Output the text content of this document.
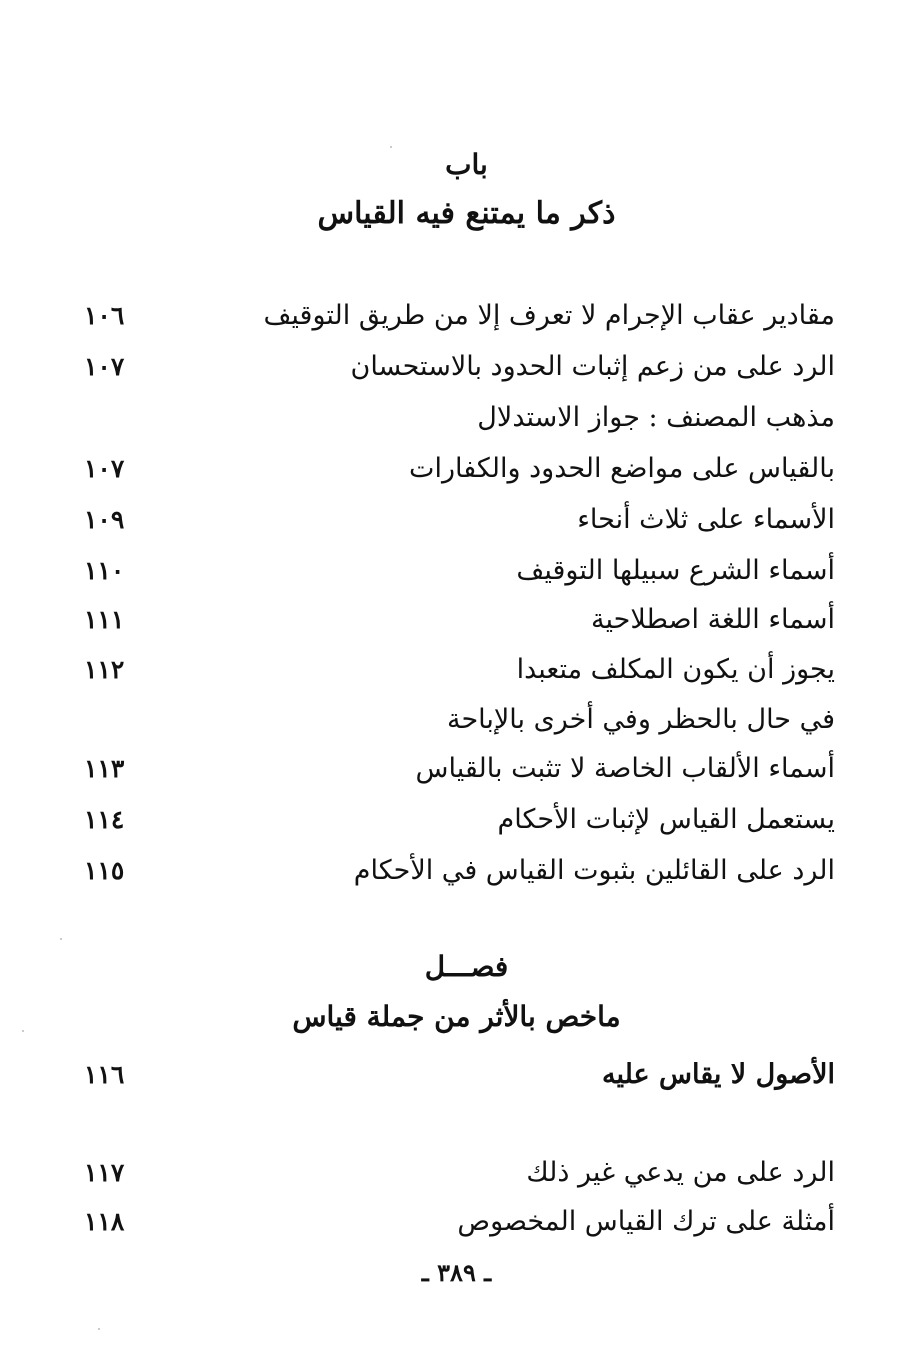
باب
ذكر ما يمتنع فيه القياس
مقادير عقاب الإجرام لا تعرف إلا من طريق التوقيف
١٠٦
الرد على من زعم إثبات الحدود بالاستحسان
١٠٧
مذهب المصنف : جواز الاستدلال
بالقياس على مواضع الحدود والكفارات
١٠٧
الأسماء على ثلاث أنحاء
١٠٩
أسماء الشرع سبيلها التوقيف
١١٠
أسماء اللغة اصطلاحية
١١١
يجوز أن يكون المكلف متعبدا
١١٢
في حال بالحظر وفي أخرى بالإباحة
أسماء الألقاب الخاصة لا تثبت بالقياس
١١٣
يستعمل القياس لإثبات الأحكام
١١٤
الرد على القائلين بثبوت القياس في الأحكام
١١٥
الأصول لا يقاس عليه
١١٦
الرد على من يدعي غير ذلك
١١٧
أمثلة على ترك القياس المخصوص
١١٨
فصـــل
ماخص بالأثر من جملة قياس
ـ ٣٨٩ ـ
